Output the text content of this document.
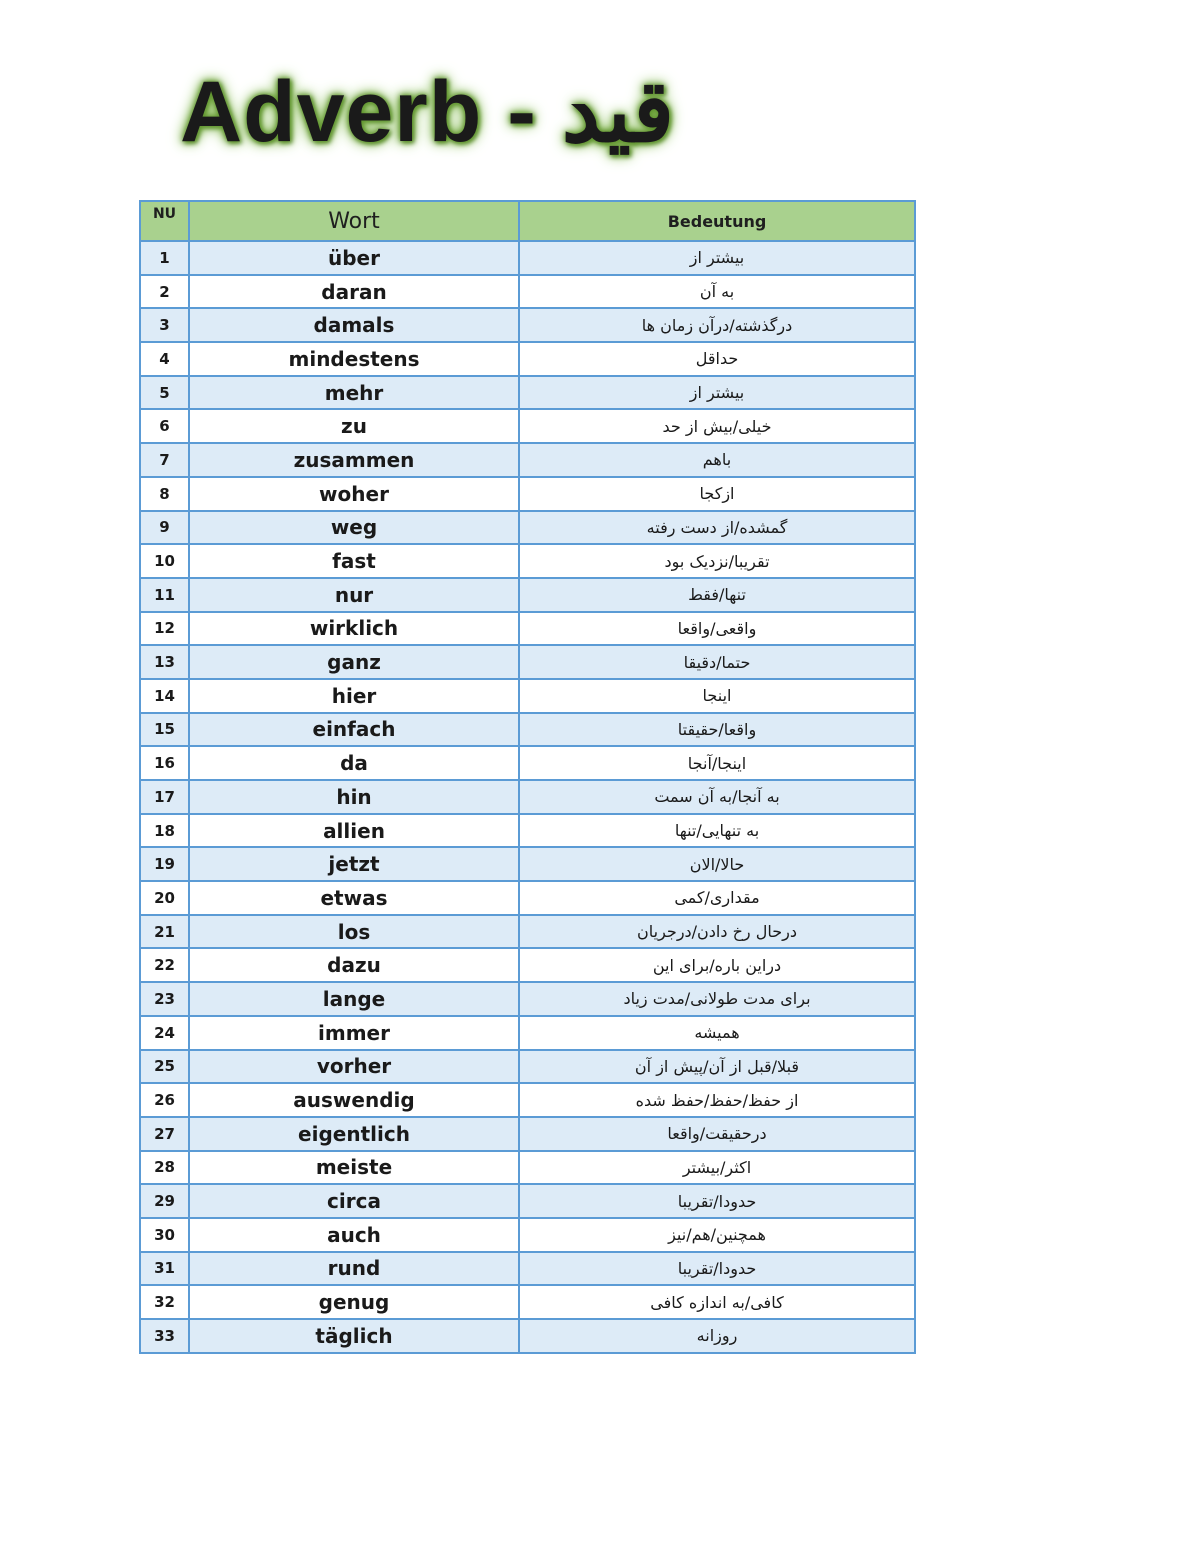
Adverb - قید
NU	Wort	Bedeutung
1	über	بیشتر از
2	daran	به آن
3	damals	درگذشته/درآن زمان ها
4	mindestens	حداقل
5	mehr	بیشتر از
6	zu	خیلی/بیش از حد
7	zusammen	باهم
8	woher	ازکجا
9	weg	گمشده/از دست رفته
10	fast	تقریبا/نزدیک بود
11	nur	تنها/فقط
12	wirklich	واقعی/واقعا
13	ganz	حتما/دقیقا
14	hier	اینجا
15	einfach	واقعا/حقیقتا
16	da	اینجا/آنجا
17	hin	به آنجا/به آن سمت
18	allien	به تنهایی/تنها
19	jetzt	حالا/الان
20	etwas	مقداری/کمی
21	los	درحال رخ دادن/درجریان
22	dazu	دراین باره/برای این
23	lange	برای مدت طولانی/مدت زیاد
24	immer	همیشه
25	vorher	قبلا/قبل از آن/پیش از آن
26	auswendig	از حفظ/حفظ/حفظ شده
27	eigentlich	درحقیقت/واقعا
28	meiste	اکثر/بیشتر
29	circa	حدودا/تقریبا
30	auch	همچنین/هم/نیز
31	rund	حدودا/تقریبا
32	genug	کافی/به اندازه کافی
33	täglich	روزانه
